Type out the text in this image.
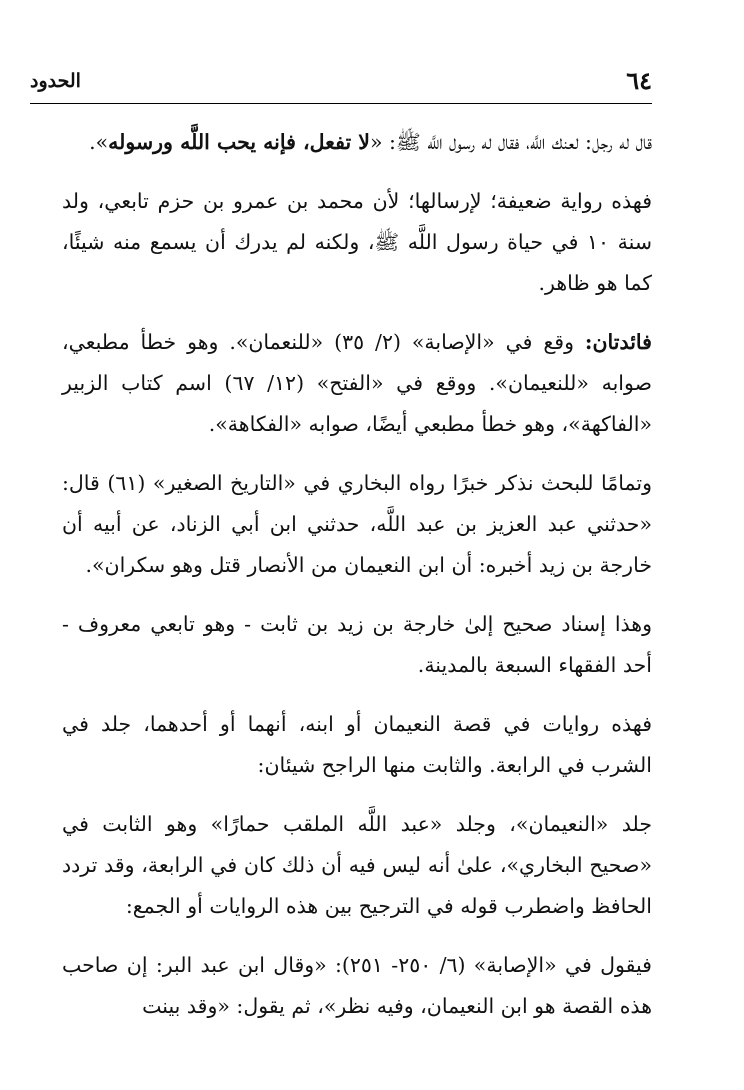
٦٤
الحدود

قال له رجل: لعنك اللَّه، فقال له رسول اللَّه ﷺ: «لا تفعل، فإنه يحب اللَّه ورسوله».

فهذه رواية ضعيفة؛ لإرسالها؛ لأن محمد بن عمرو بن حزم تابعي، ولد سنة ١٠ في حياة رسول اللَّه ﷺ، ولكنه لم يدرك أن يسمع منه شيئًا، كما هو ظاهر.

فائدتان: وقع في «الإصابة» (٢/ ٣٥) «للنعمان». وهو خطأ مطبعي، صوابه «للنعيمان». ووقع في «الفتح» (١٢/ ٦٧) اسم كتاب الزبير «الفاكهة»، وهو خطأ مطبعي أيضًا، صوابه «الفكاهة».

وتمامًا للبحث نذكر خبرًا رواه البخاري في «التاريخ الصغير» (٦١) قال: «حدثني عبد العزيز بن عبد اللَّه، حدثني ابن أبي الزناد، عن أبيه أن خارجة بن زيد أخبره: أن ابن النعيمان من الأنصار قتل وهو سكران».

وهذا إسناد صحيح إلىٰ خارجة بن زيد بن ثابت - وهو تابعي معروف - أحد الفقهاء السبعة بالمدينة.

فهذه روايات في قصة النعيمان أو ابنه، أنهما أو أحدهما، جلد في الشرب في الرابعة. والثابت منها الراجح شيئان:

جلد «النعيمان»، وجلد «عبد اللَّه الملقب حمارًا» وهو الثابت في «صحيح البخاري»، علىٰ أنه ليس فيه أن ذلك كان في الرابعة، وقد تردد الحافظ واضطرب قوله في الترجيح بين هذه الروايات أو الجمع:

فيقول في «الإصابة» (٦/ ٢٥٠- ٢٥١): «وقال ابن عبد البر: إن صاحب هذه القصة هو ابن النعيمان، وفيه نظر»، ثم يقول: «وقد بينت
